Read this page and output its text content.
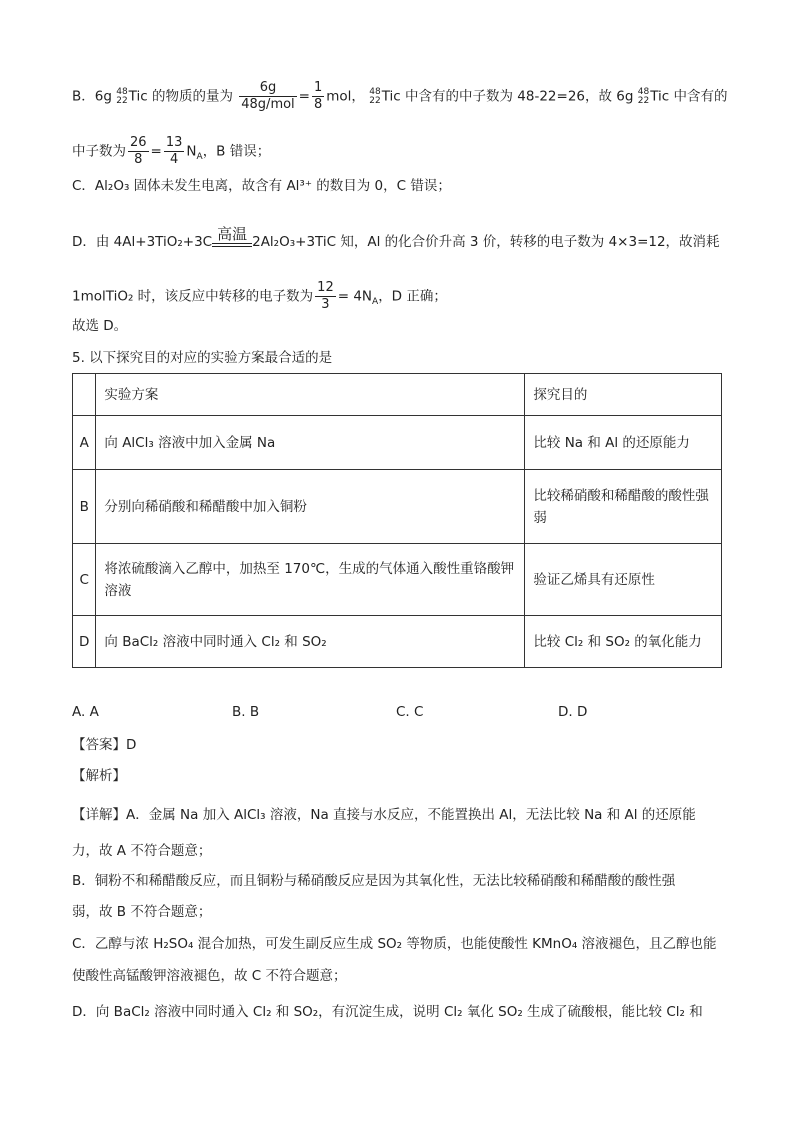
B．6g 48
22 Tic 的物质的量为 $\frac{6g}{\text{48g/mol}} = \frac{1}{8}$ mol， 48
22 Tic 中含有的中子数为 48-22=26，故 6g 48
22 Tic 中含有的
中子数为 $\frac{26}{8} = \frac{13}{4} N_A$，B 错误；
C．Al₂O₃ 固体未发生电离，故含有 Al³⁺ 的数目为 0，C 错误；
D．由 4Al+3TiO₂+3C 高温 2Al₂O₃+3TiC 知，Al 的化合价升高 3 价，转移的电子数为 4×3=12，故消耗
1molTiO₂ 时，该反应中转移的电子数为 $\frac{12}{3} = 4N_A$，D 正确；
故选 D。
5. 以下探究目的对应的实验方案最合适的是
	实验方案	探究目的
A	向 AlCl₃ 溶液中加入金属 Na	比较 Na 和 Al 的还原能力
B	分别向稀硝酸和稀醋酸中加入铜粉	比较稀硝酸和稀醋酸的酸性强弱
C	将浓硫酸滴入乙醇中，加热至 170℃，生成的气体通入酸性重铬酸钾溶液	验证乙烯具有还原性
D	向 BaCl₂ 溶液中同时通入 Cl₂ 和 SO₂	比较 Cl₂ 和 SO₂ 的氧化能力
A. A	B. B	C. C	D. D
【答案】D
【解析】
【详解】A．金属 Na 加入 AlCl₃ 溶液，Na 直接与水反应，不能置换出 Al，无法比较 Na 和 Al 的还原能
力，故 A 不符合题意；
B．铜粉不和稀醋酸反应，而且铜粉与稀硝酸反应是因为其氧化性，无法比较稀硝酸和稀醋酸的酸性强
弱，故 B 不符合题意；
C．乙醇与浓 H₂SO₄ 混合加热，可发生副反应生成 SO₂ 等物质，也能使酸性 KMnO₄ 溶液褪色，且乙醇也能
使酸性高锰酸钾溶液褪色，故 C 不符合题意；
D．向 BaCl₂ 溶液中同时通入 Cl₂ 和 SO₂，有沉淀生成，说明 Cl₂ 氧化 SO₂ 生成了硫酸根，能比较 Cl₂ 和
